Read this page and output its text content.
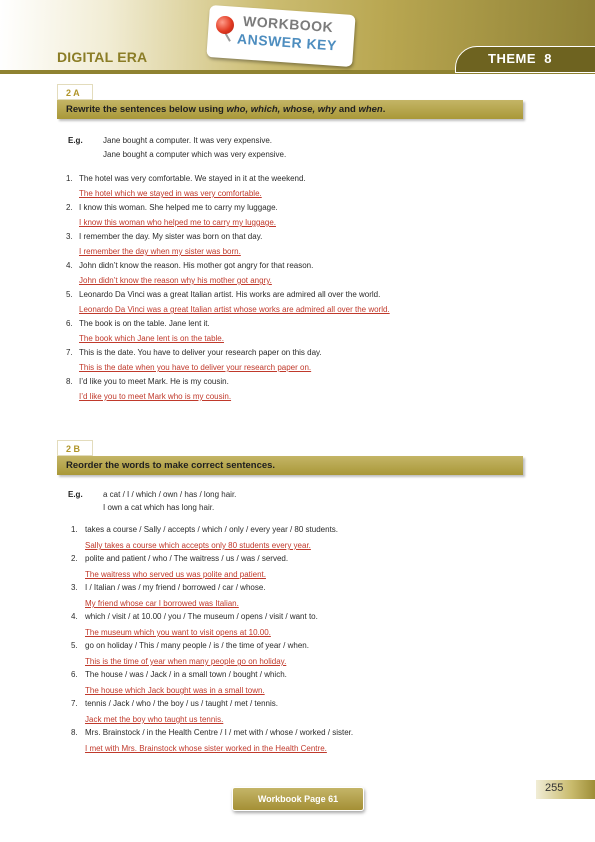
DIGITAL ERA
WORKBOOK
ANSWER KEY
THEME 8
2 A
Rewrite the sentences below using who, which, whose, why and when.
E.g.	Jane bought a computer. It was very expensive.
Jane bought a computer which was very expensive.
1. The hotel was very comfortable. We stayed in it at the weekend.
The hotel which we stayed in was very comfortable.
2. I know this woman. She helped me to carry my luggage.
I know this woman who helped me to carry my luggage.
3. I remember the day. My sister was born on that day.
I remember the day when my sister was born.
4. John didn’t know the reason. His mother got angry for that reason.
John didn’t know the reason why his mother got angry.
5. Leonardo Da Vinci was a great Italian artist. His works are admired all over the world.
Leonardo Da Vinci was a great Italian artist whose works are admired all over the world.
6. The book is on the table. Jane lent it.
The book which Jane lent is on the table.
7. This is the date. You have to deliver your research paper on this day.
This is the date when you have to deliver your research paper on.
8. I’d like you to meet Mark. He is my cousin.
I’d like you to meet Mark who is my cousin.
2 B
Reorder the words to make correct sentences.
E.g.	a cat / I / which / own / has / long hair.
I own a cat which has long hair.
1. takes a course / Sally / accepts / which / only / every year / 80 students.
Sally takes a course which accepts only 80 students every year.
2. polite and patient / who / The waitress / us / was / served.
The waitress who served us was polite and patient.
3. I / Italian / was / my friend / borrowed / car / whose.
My friend whose car I borrowed was Italian.
4. which / visit / at 10.00 / you / The museum / opens / visit / want to.
The museum which you want to visit opens at 10.00.
5. go on holiday / This / many people / is / the time of year / when.
This is the time of year when many people go on holiday.
6. The house / was / Jack / in a small town / bought / which.
The house which Jack bought was in a small town.
7. tennis / Jack / who / the boy / us / taught / met / tennis.
Jack met the boy who taught us tennis.
8. Mrs. Brainstock / in the Health Centre / I / met with / whose / worked / sister.
I met with Mrs. Brainstock whose sister worked in the Health Centre.
255
Workbook Page 61
